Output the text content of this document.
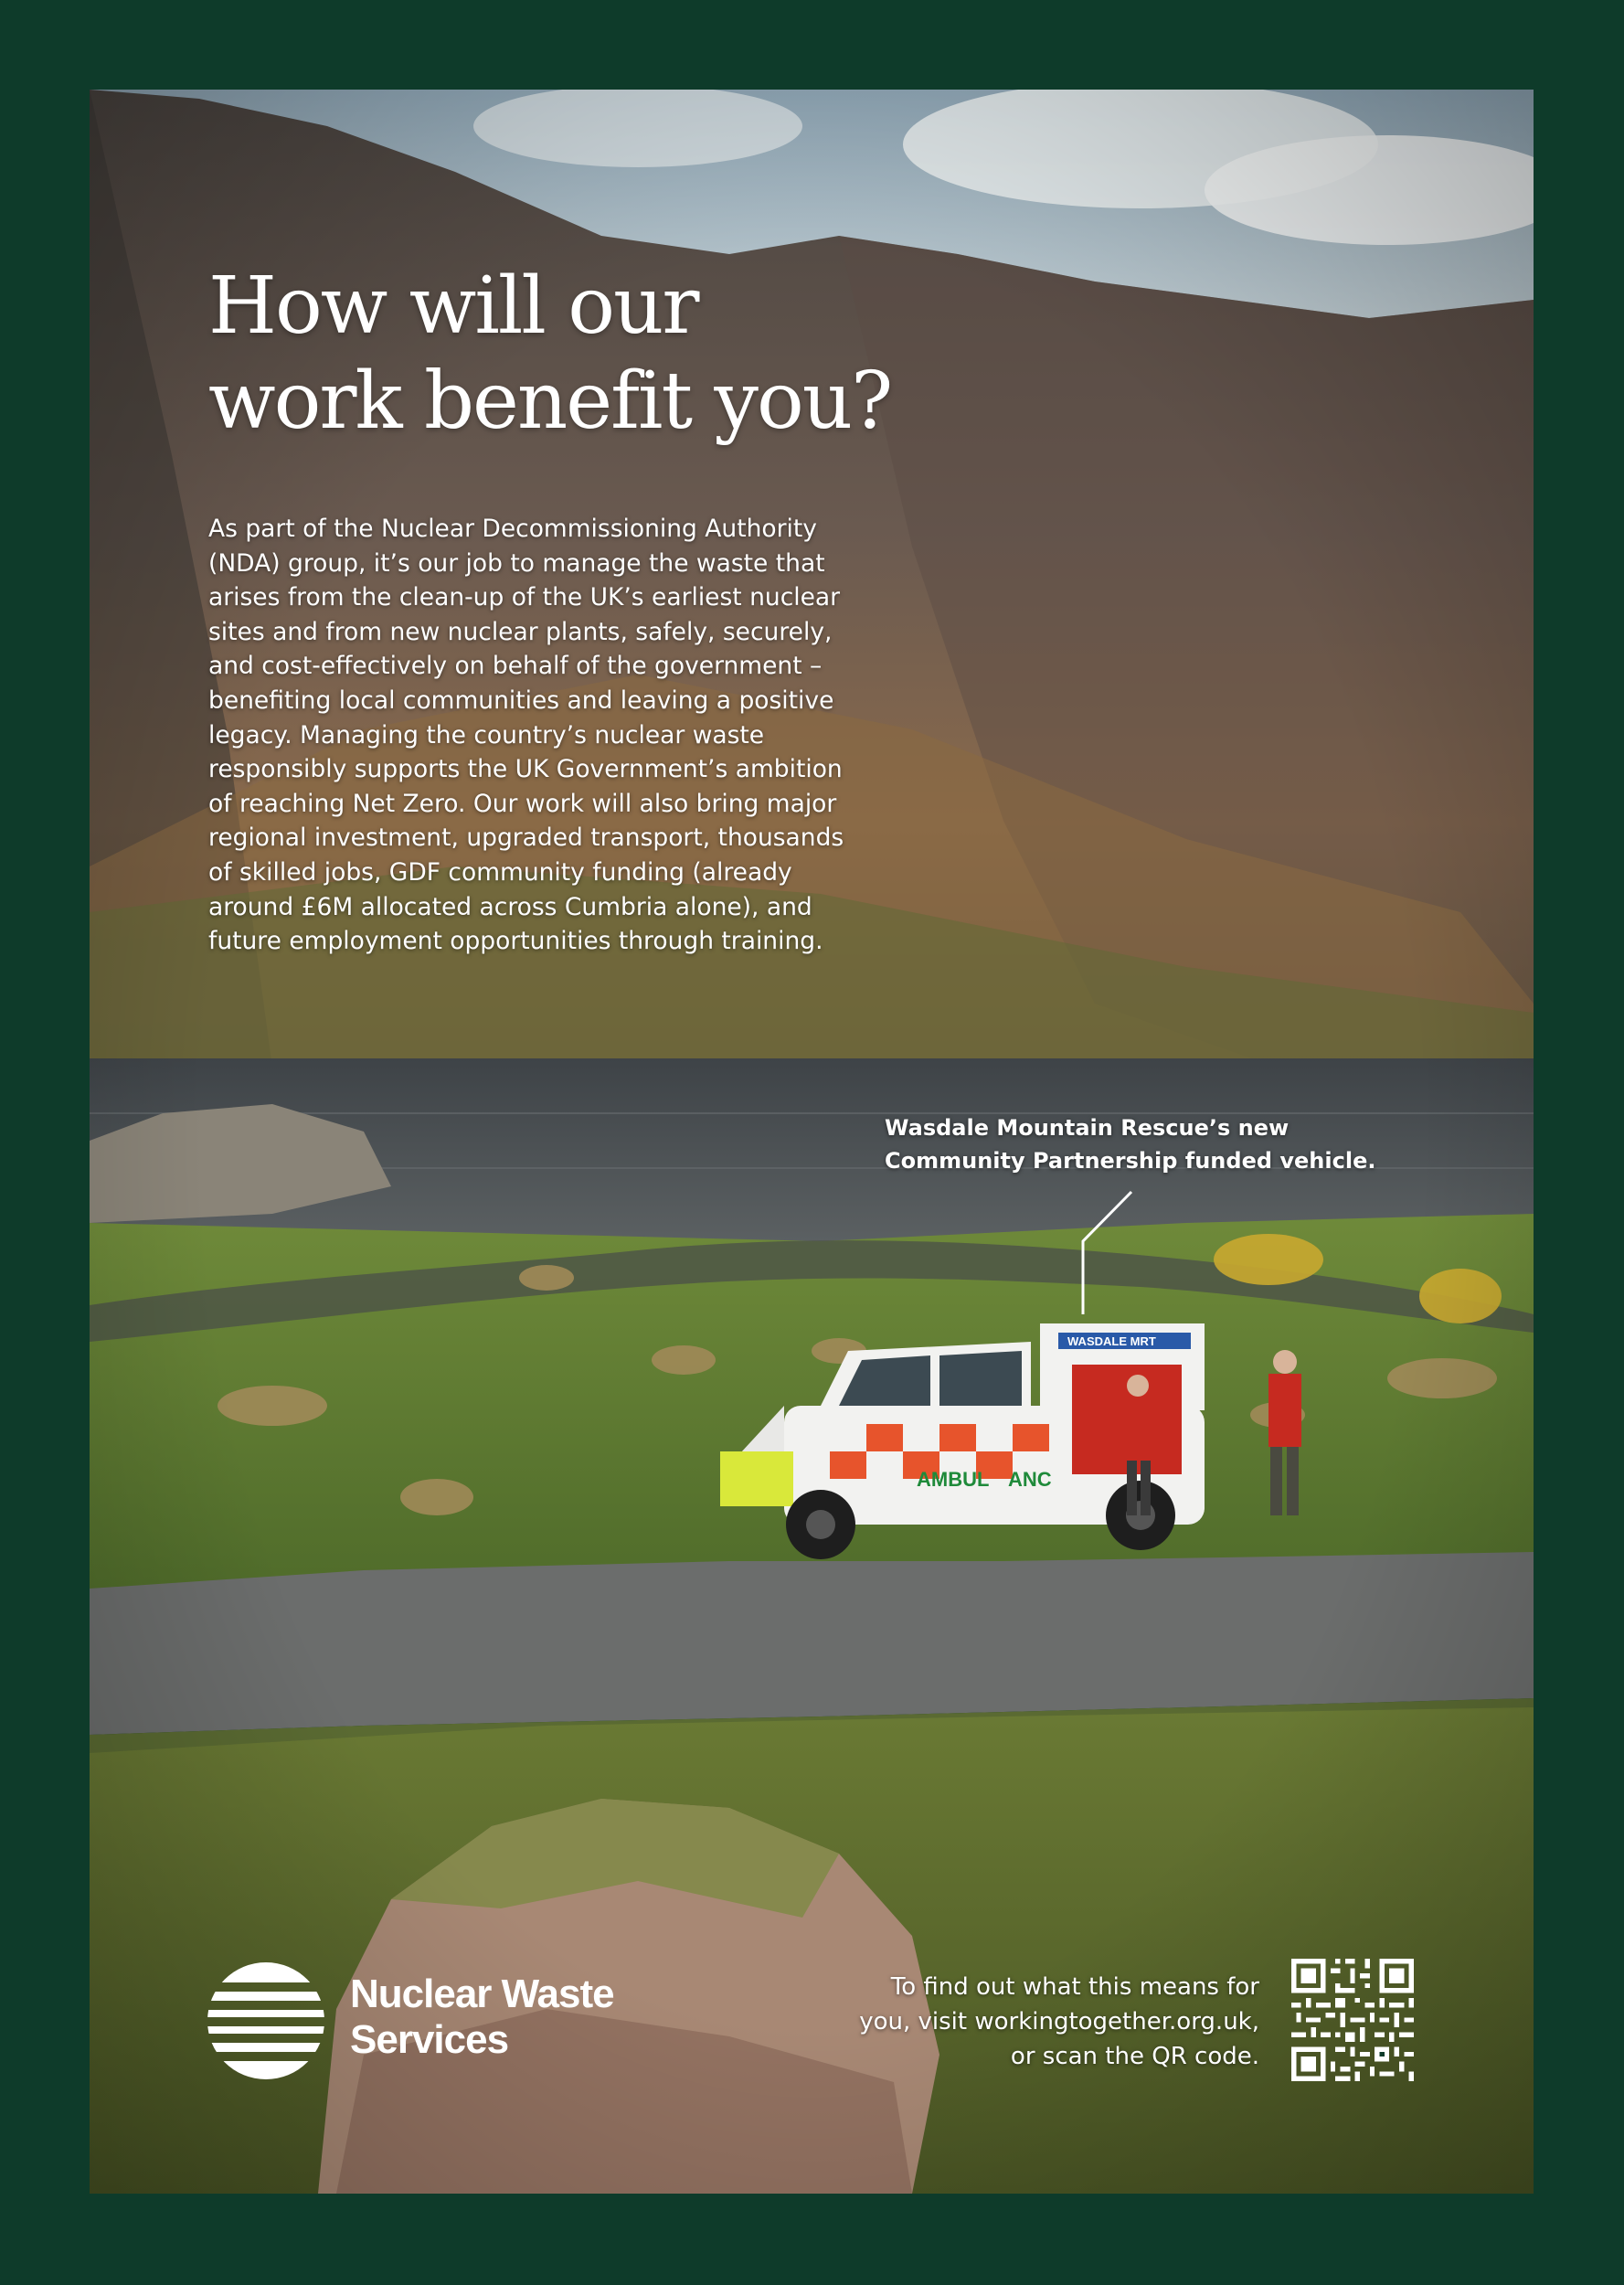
How will our
work benefit you?
As part of the Nuclear Decommissioning Authority
(NDA) group, it’s our job to manage the waste that
arises from the clean-up of the UK’s earliest nuclear
sites and from new nuclear plants, safely, securely,
and cost-effectively on behalf of the government –
benefiting local communities and leaving a positive
legacy. Managing the country’s nuclear waste
responsibly supports the UK Government’s ambition
of reaching Net Zero. Our work will also bring major
regional investment, upgraded transport, thousands
of skilled jobs, GDF community funding (already
around £6M allocated across Cumbria alone), and
future employment opportunities through training.
Wasdale Mountain Rescue’s new
Community Partnership funded vehicle.
Nuclear Waste
Services
To find out what this means for
you, visit workingtogether.org.uk,
or scan the QR code.
